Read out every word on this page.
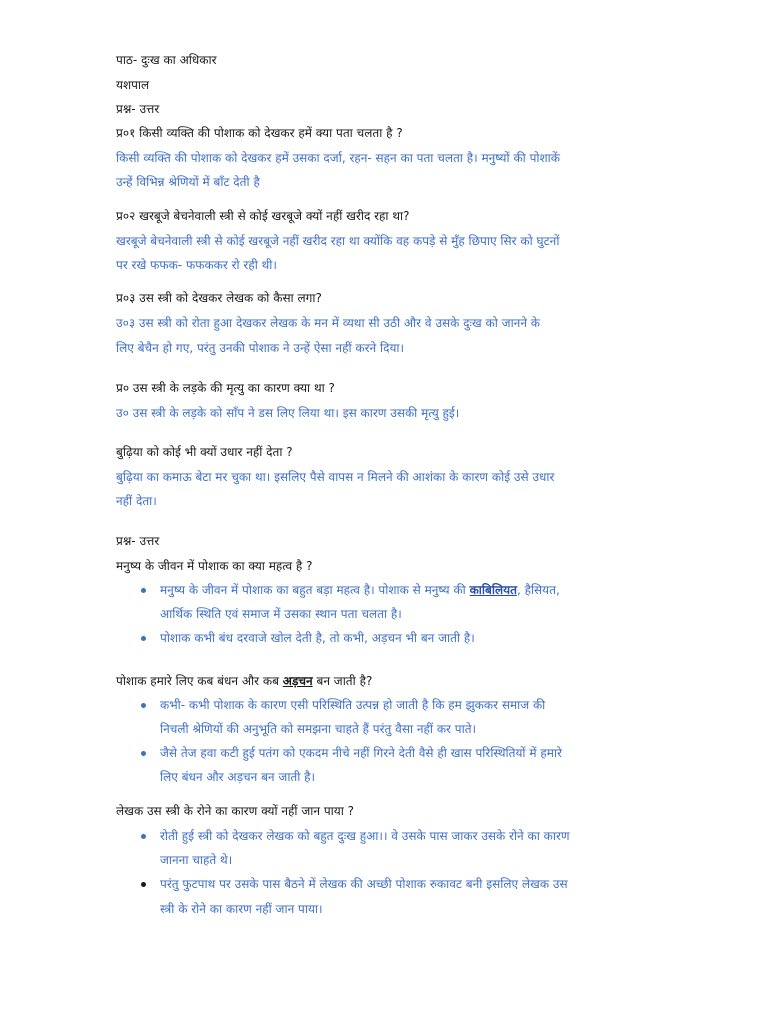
पाठ- दुःख का अधिकार
यशपाल
प्रश्न- उत्तर
प्र०१ किसी व्यक्ति की पोशाक को देखकर हमें क्या पता चलता है ?
किसी व्यक्ति की पोशाक को देखकर हमें उसका दर्जा, रहन- सहन का पता चलता है। मनुष्यों की पोशाकें
उन्हें विभिन्न श्रेणियों में बाँट देती है
प्र०२ खरबूजे बेचनेवाली स्त्री से कोई खरबूजे क्यों नहीं खरीद रहा था?
खरबूजे बेचनेवाली स्त्री से कोई खरबूजे नहीं खरीद रहा था क्योंकि वह कपड़े से मुँह छिपाए सिर को घुटनों
पर रखे फफक- फफककर रो रही थी।
प्र०३ उस स्त्री को देखकर लेखक को कैसा लगा?
उ०३ उस स्त्री को रोता हुआ देखकर लेखक के मन में व्यथा सी उठी और वे उसके दुःख को जानने के
लिए बेचैन हो गए, परंतु उनकी पोशाक ने उन्हें ऐसा नहीं करने दिया।
प्र० उस स्त्री के लड़के की मृत्यु का कारण क्या था ?
उ० उस स्त्री के लड़के को साँप ने डस लिए लिया था। इस कारण उसकी मृत्यु हुई।
बुढ़िया को कोई भी क्यों उधार नहीं देता ?
बुढ़िया का कमाऊ बेटा मर चुका था। इसलिए पैसे वापस न मिलने की आशंका के कारण कोई उसे उधार
नहीं देता।
प्रश्न- उत्तर
मनुष्य के जीवन में पोशाक का क्या महत्व है ?
मनुष्य के जीवन में पोशाक का बहुत बड़ा महत्व है। पोशाक से मनुष्य की काबिलियत, हैसियत,
आर्थिक स्थिति एवं समाज में उसका स्थान पता चलता है।
पोशाक कभी बंध दरवाजे खोल देती है, तो कभी, अड़चन भी बन जाती है।
पोशाक हमारे लिए कब बंधन और कब अड़चन बन जाती है?
कभी- कभी पोशाक के कारण एसी परिस्थिति उत्पन्न हो जाती है कि हम झुककर समाज की
निचली श्रेणियों की अनुभूति को समझना चाहते हैं परंतु वैसा नहीं कर पाते।
जैसे तेज हवा कटी हुई पतंग को एकदम नीचे नहीं गिरने देती वैसे ही खास परिस्थितियों में हमारे
लिए बंधन और अड़चन बन जाती है।
लेखक उस स्त्री के रोने का कारण क्यों नहीं जान पाया ?
रोती हुई स्त्री को देखकर लेखक को बहुत दुःख हुआ।। वे उसके पास जाकर उसके रोने का कारण
जानना चाहते थे।
परंतु फुटपाथ पर उसके पास बैठने में लेखक की अच्छी पोशाक रुकावट बनी इसलिए लेखक उस
स्त्री के रोने का कारण नहीं जान पाया।
